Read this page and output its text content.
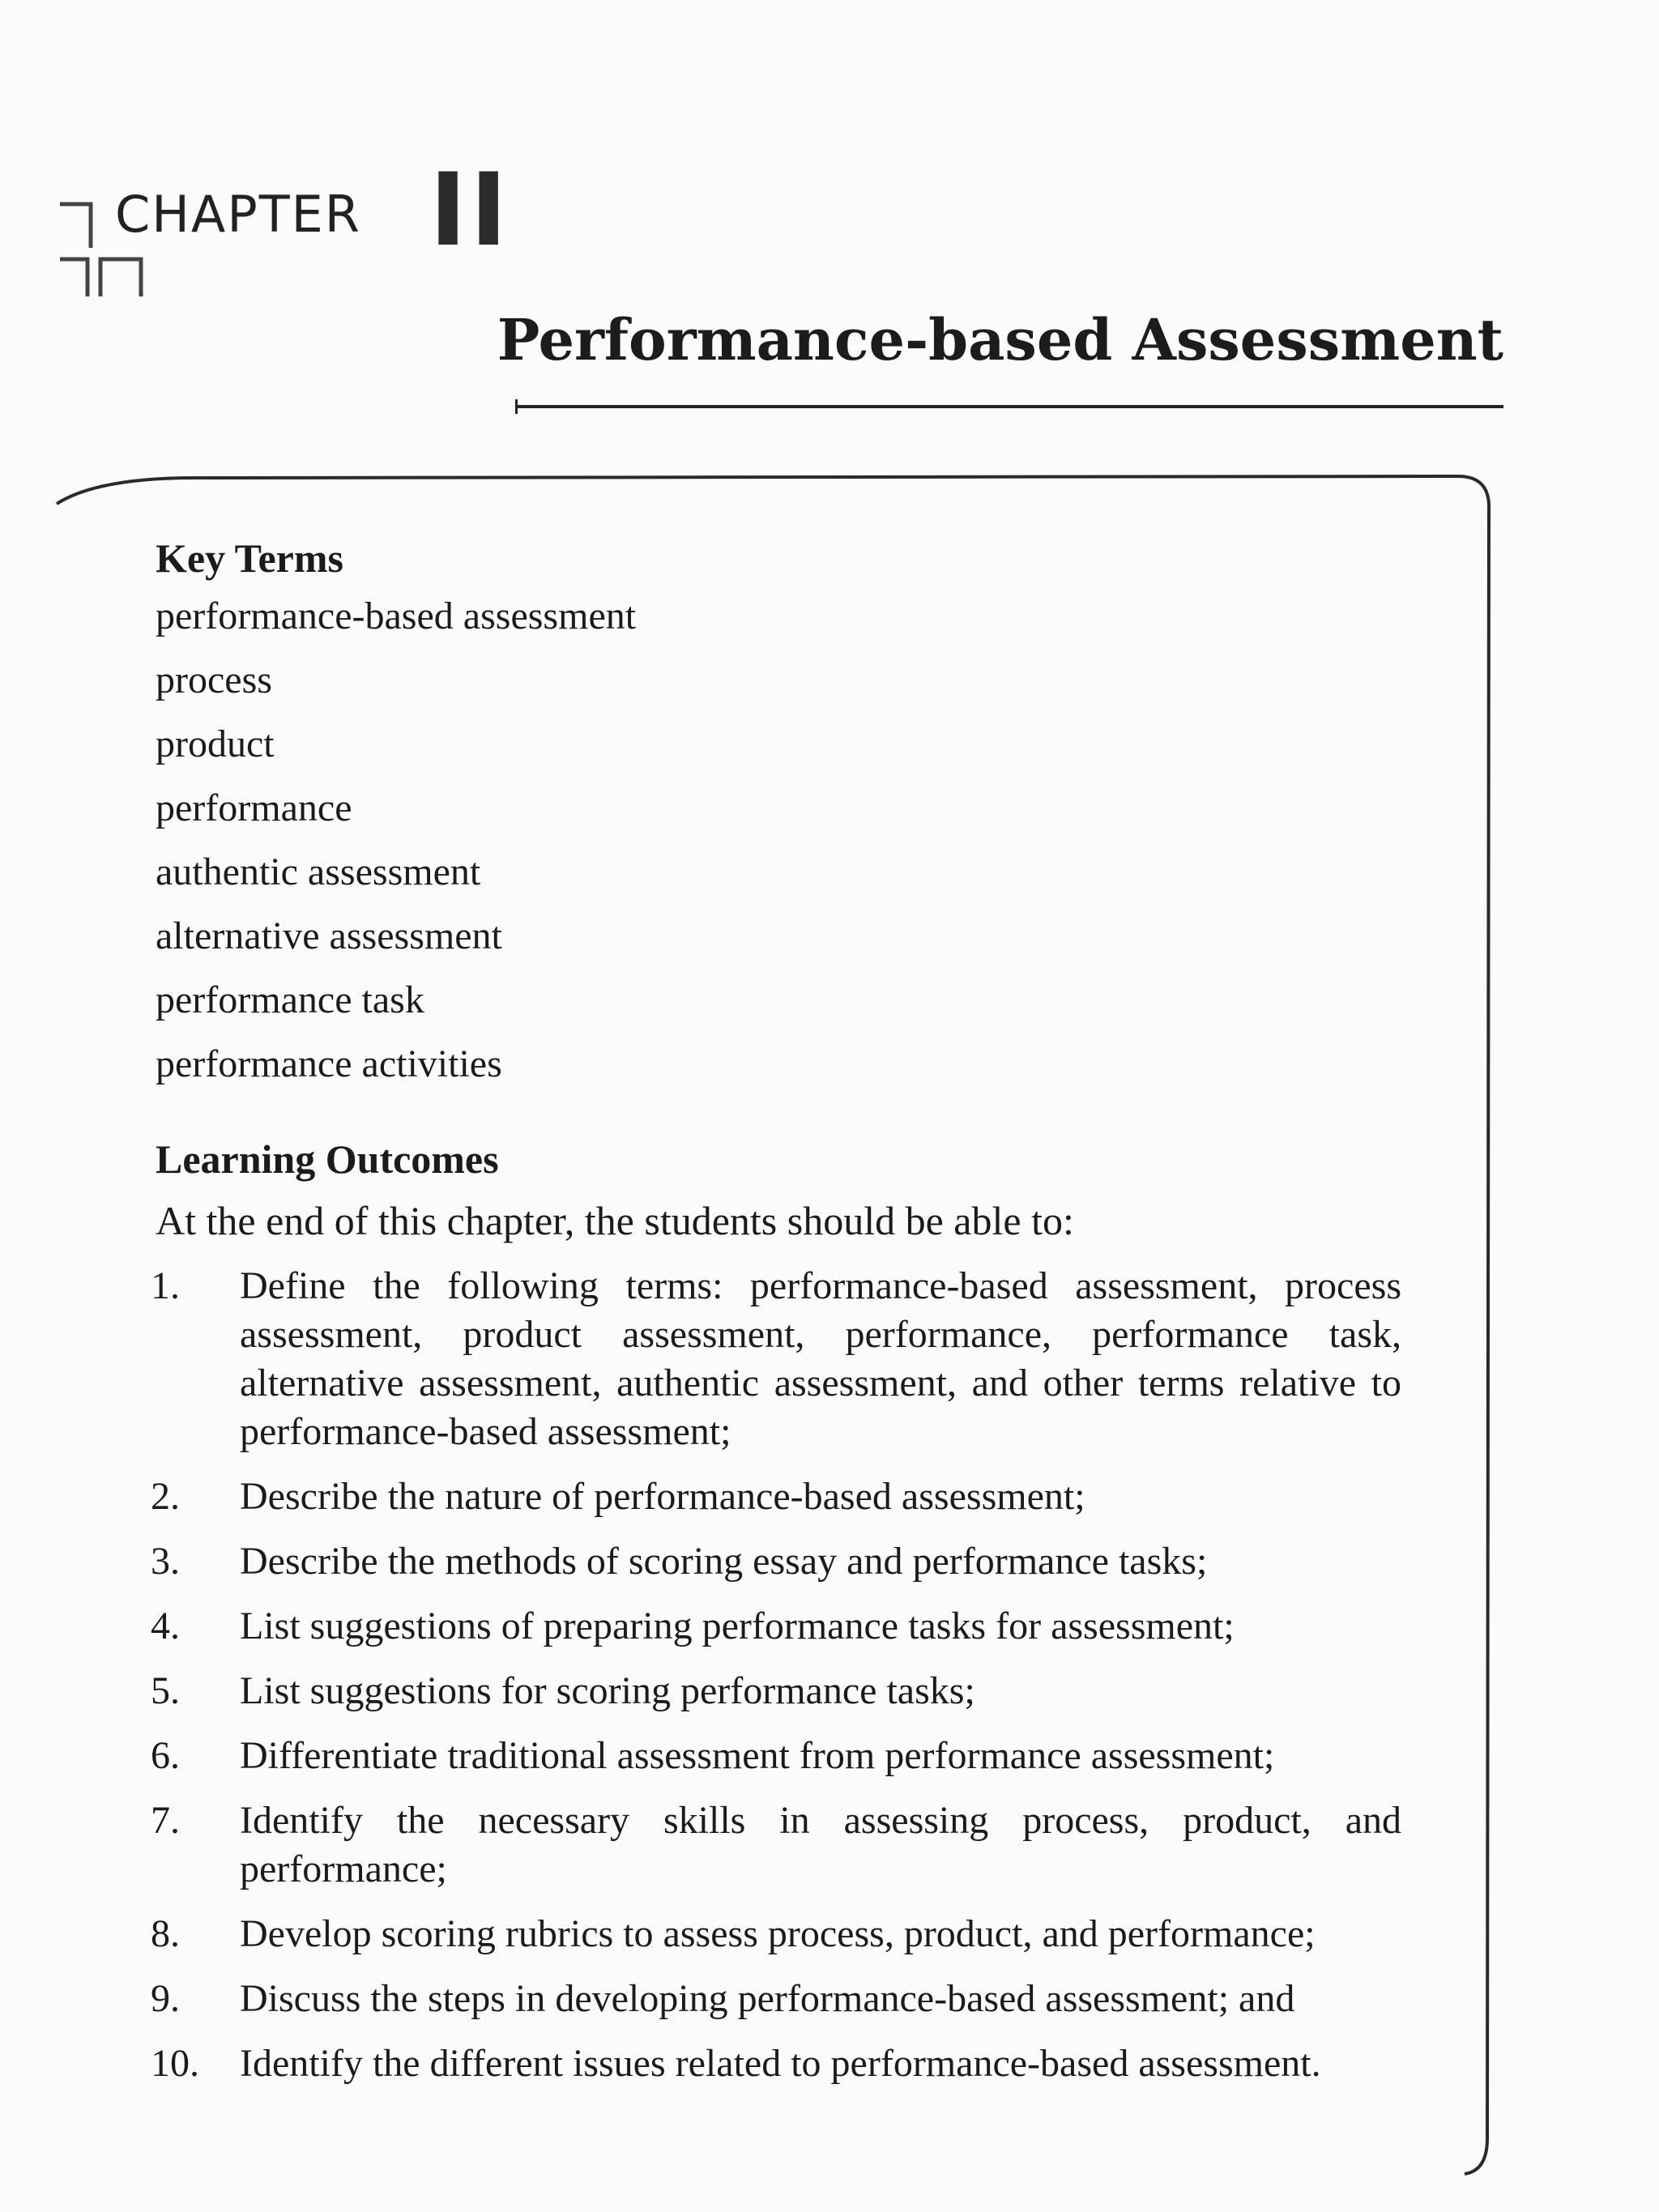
CHAPTER II
Performance-based Assessment
Key Terms
performance-based assessment
process
product
performance
authentic assessment
alternative assessment
performance task
performance activities
Learning Outcomes
At the end of this chapter, the students should be able to:
1.	Define the following terms: performance-based assessment, process assessment, product assessment, performance, performance task, alternative assessment, authentic assessment, and other terms relative to performance-based assessment;
2.	Describe the nature of performance-based assessment;
3.	Describe the methods of scoring essay and performance tasks;
4.	List suggestions of preparing performance tasks for assessment;
5.	List suggestions for scoring performance tasks;
6.	Differentiate traditional assessment from performance assessment;
7.	Identify the necessary skills in assessing process, product, and performance;
8.	Develop scoring rubrics to assess process, product, and performance;
9.	Discuss the steps in developing performance-based assessment; and
10.	Identify the different issues related to performance-based assessment.
